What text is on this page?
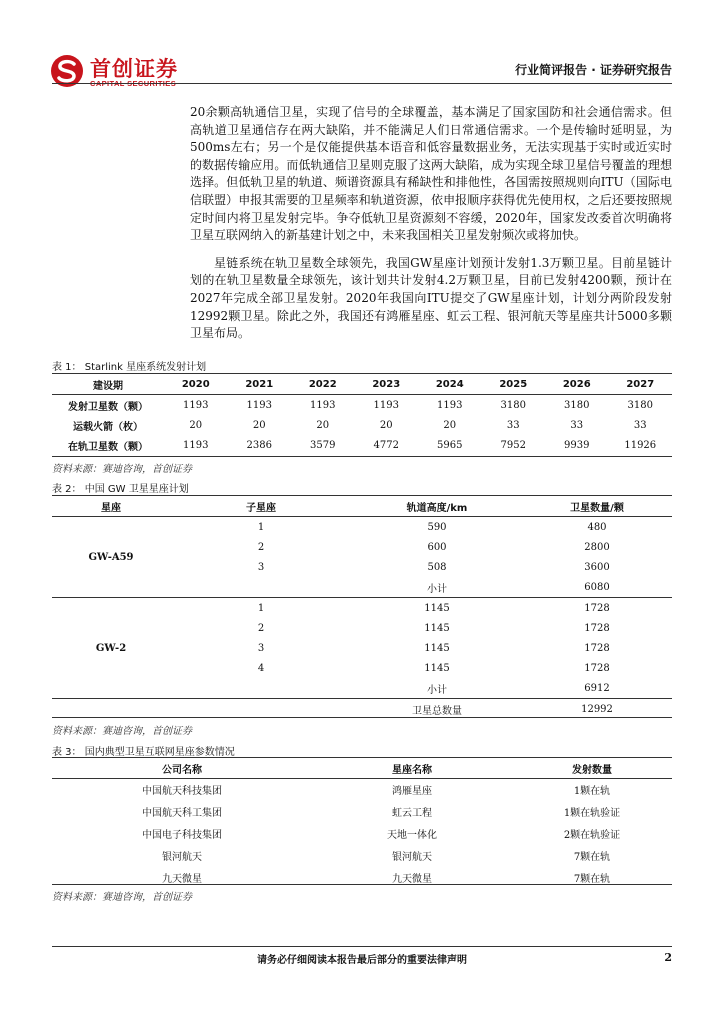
首创证券
CAPITAL SECURITIES
行业简评报告 · 证券研究报告

20余颗高轨通信卫星，实现了信号的全球覆盖，基本满足了国家国防和社会通信需求。但高轨道卫星通信存在两大缺陷，并不能满足人们日常通信需求。一个是传输时延明显，为500ms左右；另一个是仅能提供基本语音和低容量数据业务，无法实现基于实时或近实时的数据传输应用。而低轨通信卫星则克服了这两大缺陷，成为实现全球卫星信号覆盖的理想选择。但低轨卫星的轨道、频谱资源具有稀缺性和排他性，各国需按照规则向ITU（国际电信联盟）申报其需要的卫星频率和轨道资源，依申报顺序获得优先使用权，之后还要按照规定时间内将卫星发射完毕。争夺低轨卫星资源刻不容缓，2020年，国家发改委首次明确将卫星互联网纳入的新基建计划之中，未来我国相关卫星发射频次或将加快。

星链系统在轨卫星数全球领先，我国GW星座计划预计发射1.3万颗卫星。目前星链计划的在轨卫星数量全球领先，该计划共计发射4.2万颗卫星，目前已发射4200颗，预计在2027年完成全部卫星发射。2020年我国向ITU提交了GW星座计划，计划分两阶段发射12992颗卫星。除此之外，我国还有鸿雁星座、虹云工程、银河航天等星座共计5000多颗卫星布局。

表 1： Starlink 星座系统发射计划
建设期	2020	2021	2022	2023	2024	2025	2026	2027
发射卫星数（颗）	1193	1193	1193	1193	1193	3180	3180	3180
运载火箭（枚）	20	20	20	20	20	33	33	33
在轨卫星数（颗）	1193	2386	3579	4772	5965	7952	9939	11926
资料来源：赛迪咨询，首创证券
表 2： 中国 GW 卫星星座计划
星座	子星座	轨道高度/km	卫星数量/颗
GW-A59	1	590	480
	2	600	2800
	3	508	3600
		小计	6080
GW-2	1	1145	1728
	2	1145	1728
	3	1145	1728
	4	1145	1728
		小计	6912
		卫星总数量	12992
资料来源：赛迪咨询，首创证券
表 3： 国内典型卫星互联网星座参数情况
公司名称	星座名称	发射数量
中国航天科技集团	鸿雁星座	1颗在轨
中国航天科工集团	虹云工程	1颗在轨验证
中国电子科技集团	天地一体化	2颗在轨验证
银河航天	银河航天	7颗在轨
九天微星	九天微星	7颗在轨
资料来源：赛迪咨询，首创证券
请务必仔细阅读本报告最后部分的重要法律声明	2
